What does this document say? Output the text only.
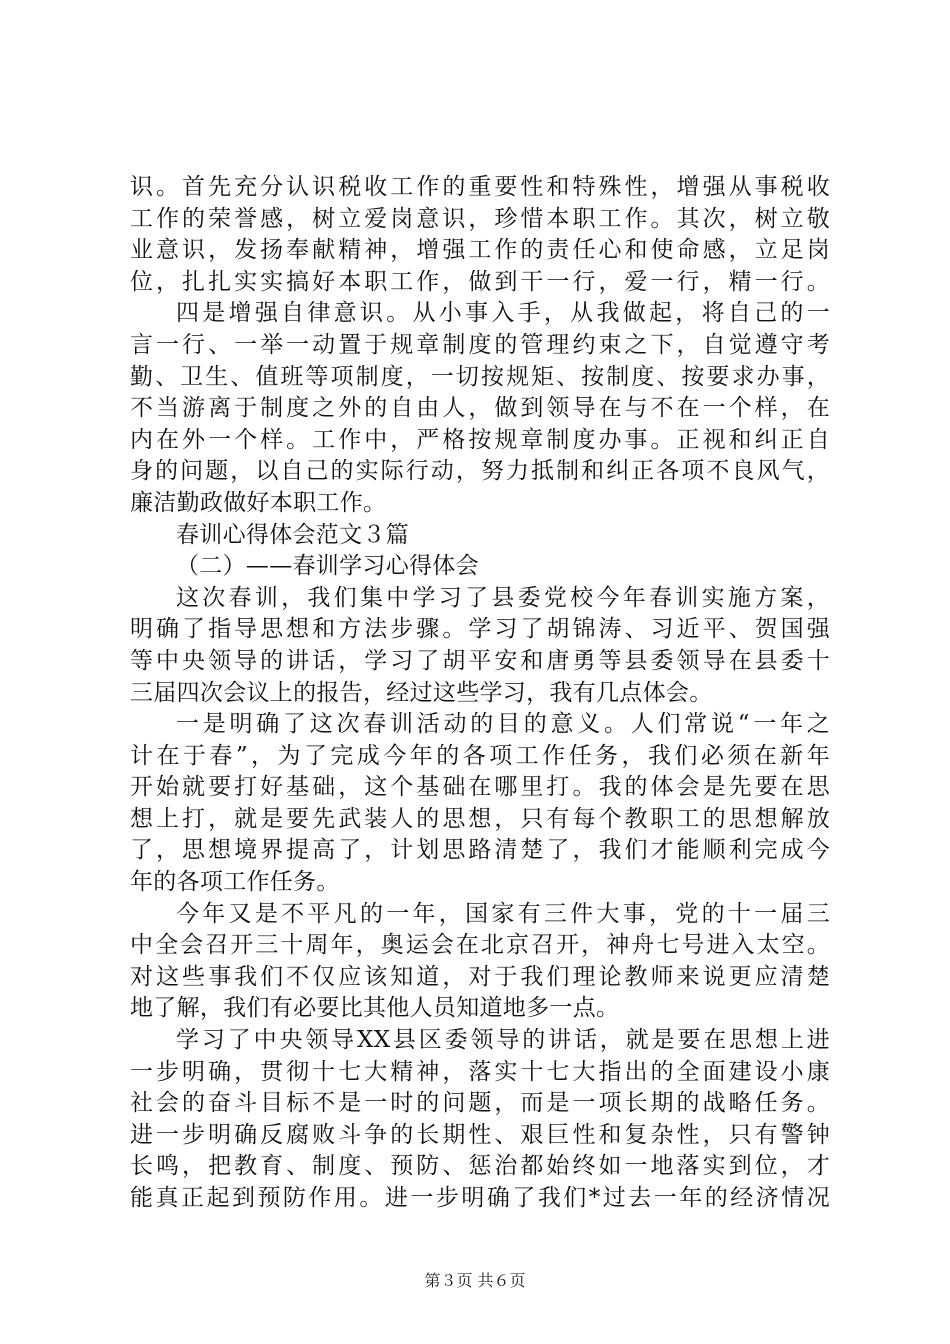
识。首先充分认识税收工作的重要性和特殊性，增强从事税收
工作的荣誉感，树立爱岗意识，珍惜本职工作。其次，树立敬
业意识，发扬奉献精神，增强工作的责任心和使命感，立足岗
位，扎扎实实搞好本职工作，做到干一行，爱一行，精一行。
四是增强自律意识。从小事入手，从我做起，将自己的一
言一行、一举一动置于规章制度的管理约束之下，自觉遵守考
勤、卫生、值班等项制度，一切按规矩、按制度、按要求办事，
不当游离于制度之外的自由人，做到领导在与不在一个样，在
内在外一个样。工作中，严格按规章制度办事。正视和纠正自
身的问题，以自己的实际行动，努力抵制和纠正各项不良风气，
廉洁勤政做好本职工作。
春训心得体会范文３篇
（二）——春训学习心得体会
这次春训，我们集中学习了县委党校今年春训实施方案，
明确了指导思想和方法步骤。学习了胡锦涛、习近平、贺国强
等中央领导的讲话，学习了胡平安和唐勇等县委领导在县委十
三届四次会议上的报告，经过这些学习，我有几点体会。
一是明确了这次春训活动的目的意义。人们常说“一年之
计在于春”，为了完成今年的各项工作任务，我们必须在新年
开始就要打好基础，这个基础在哪里打。我的体会是先要在思
想上打，就是要先武装人的思想，只有每个教职工的思想解放
了，思想境界提高了，计划思路清楚了，我们才能顺利完成今
年的各项工作任务。
今年又是不平凡的一年，国家有三件大事，党的十一届三
中全会召开三十周年，奥运会在北京召开，神舟七号进入太空。
对这些事我们不仅应该知道，对于我们理论教师来说更应清楚
地了解，我们有必要比其他人员知道地多一点。
学习了中央领导XX县区委领导的讲话，就是要在思想上进
一步明确，贯彻十七大精神，落实十七大指出的全面建设小康
社会的奋斗目标不是一时的问题，而是一项长期的战略任务。
进一步明确反腐败斗争的长期性、艰巨性和复杂性，只有警钟
长鸣，把教育、制度、预防、惩治都始终如一地落实到位，才
能真正起到预防作用。进一步明确了我们*过去一年的经济情况
第３页 共６页
